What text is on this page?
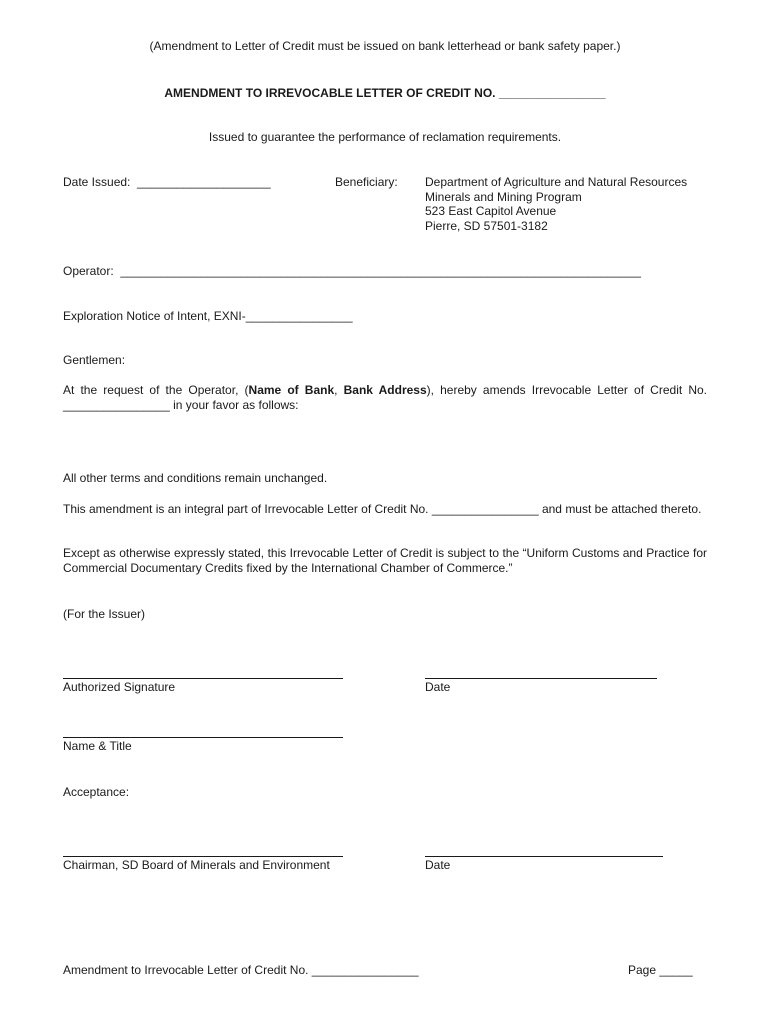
(Amendment to Letter of Credit must be issued on bank letterhead or bank safety paper.)
AMENDMENT TO IRREVOCABLE LETTER OF CREDIT NO. ________________
Issued to guarantee the performance of reclamation requirements.
Date Issued:  ____________________	Beneficiary: Department of Agriculture and Natural Resources
Minerals and Mining Program
523 East Capitol Avenue
Pierre, SD 57501-3182
Operator:  ______________________________________________________________________________
Exploration Notice of Intent, EXNI-________________
Gentlemen:
At the request of the Operator, (Name of Bank, Bank Address), hereby amends Irrevocable Letter of Credit No. ________________ in your favor as follows:
All other terms and conditions remain unchanged.
This amendment is an integral part of Irrevocable Letter of Credit No. ________________ and must be attached thereto.
Except as otherwise expressly stated, this Irrevocable Letter of Credit is subject to the “Uniform Customs and Practice for Commercial Documentary Credits fixed by the International Chamber of Commerce.”
(For the Issuer)
Authorized Signature	Date
Name & Title
Acceptance:
Chairman, SD Board of Minerals and Environment	Date
Amendment to Irrevocable Letter of Credit No. ________________	Page _____
